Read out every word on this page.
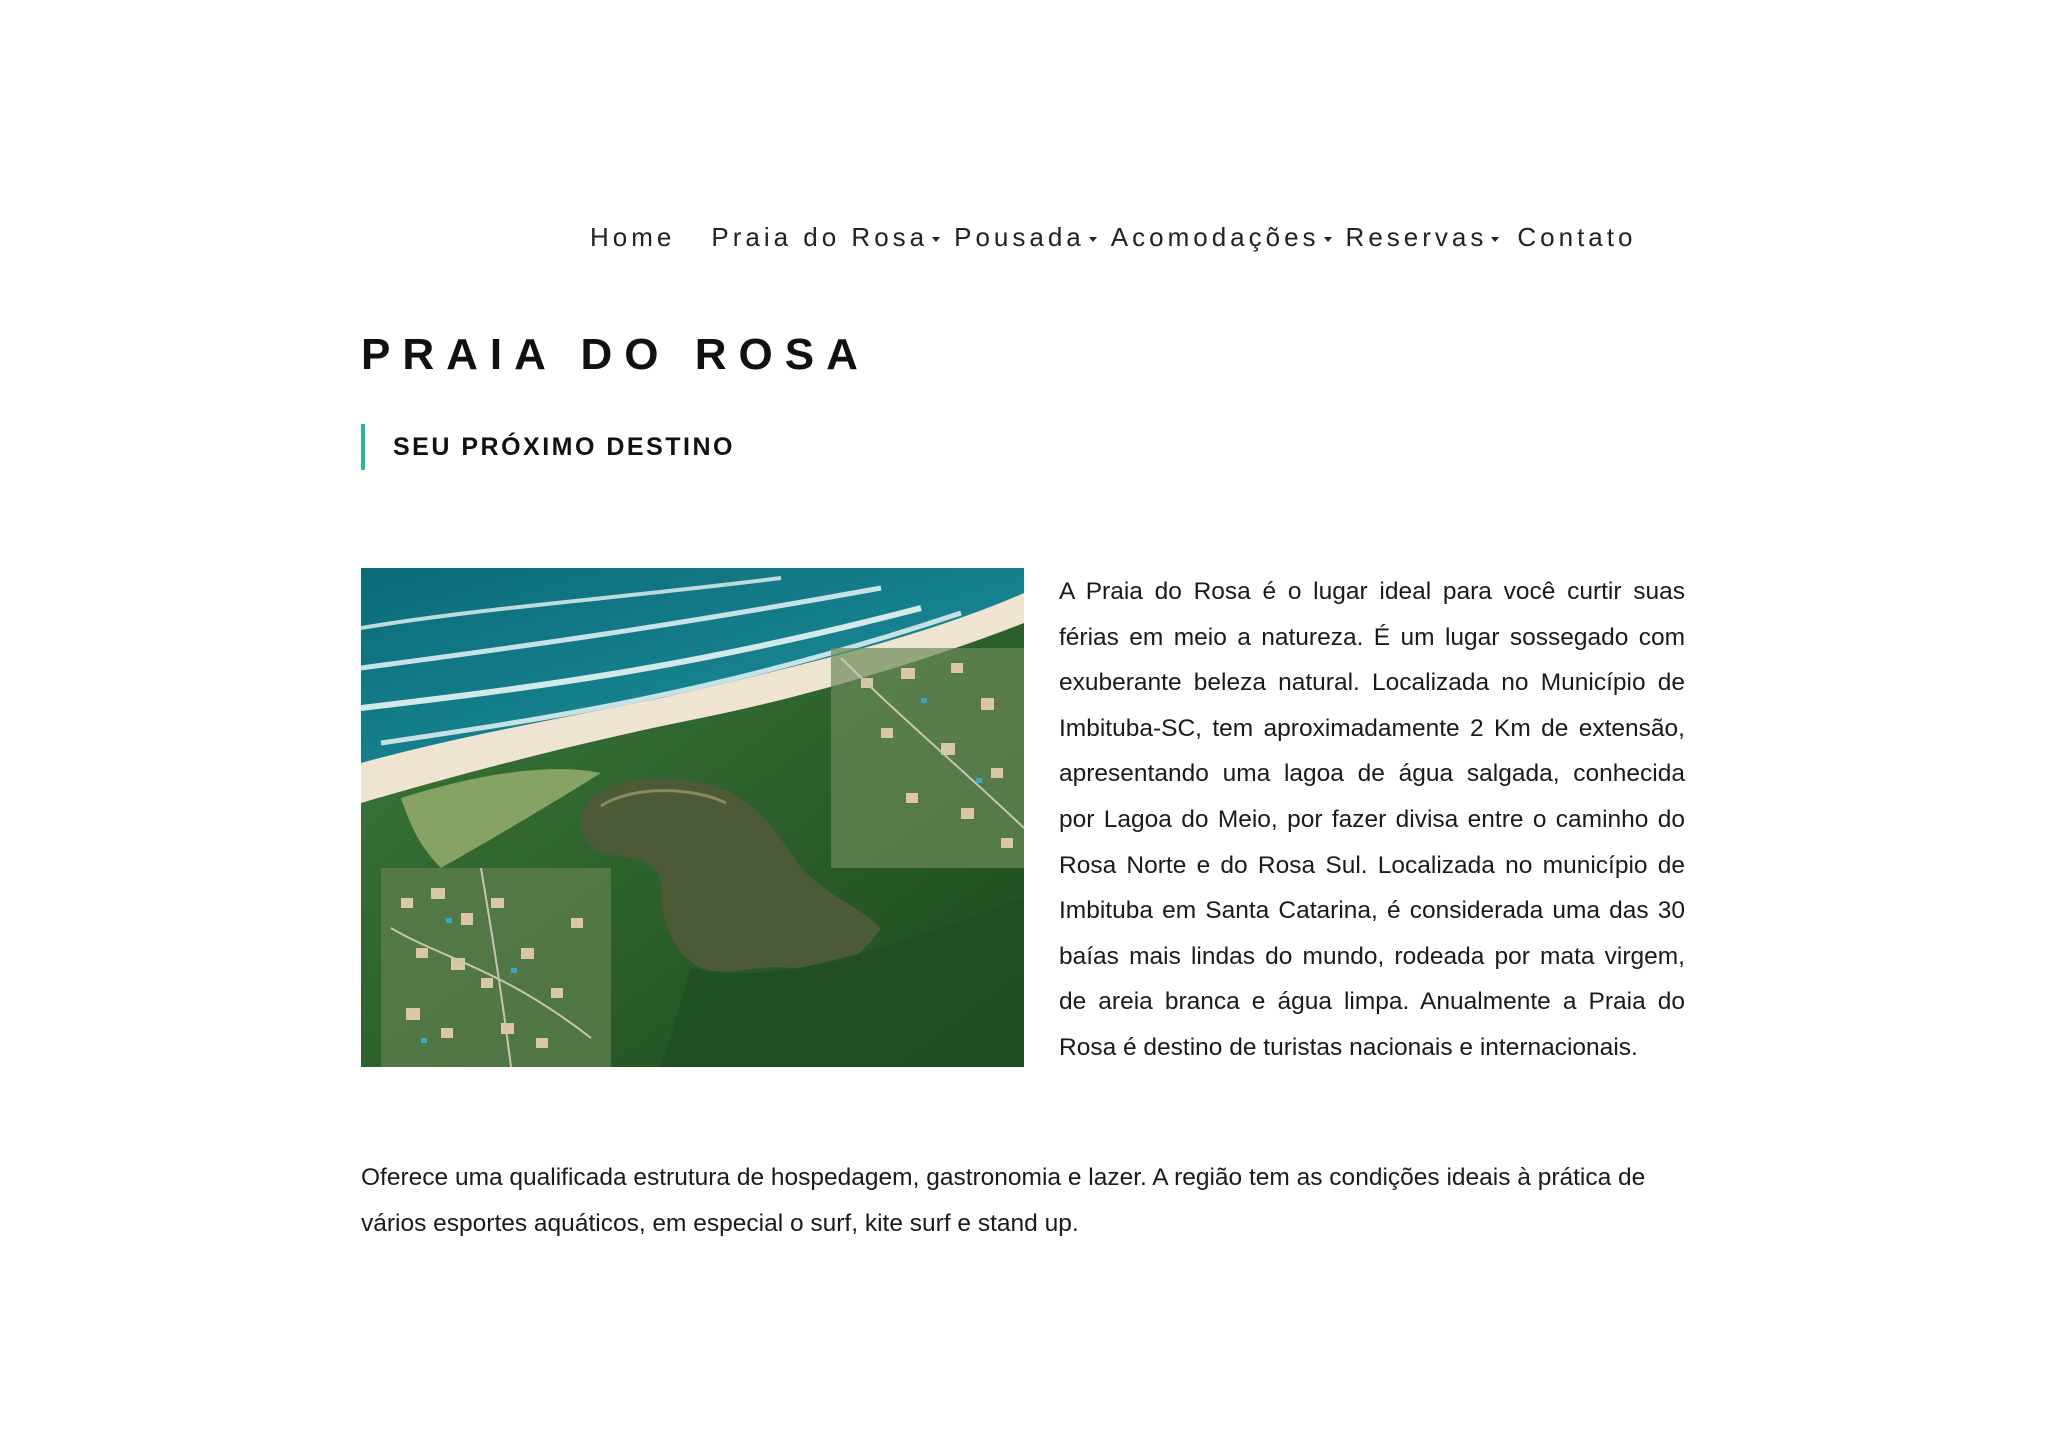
Home Praia do Rosa Pousada Acomodações Reservas Contato
PRAIA DO ROSA
SEU PRÓXIMO DESTINO

A Praia do Rosa é o lugar ideal para você curtir suas férias em meio a natureza. É um lugar sossegado com exuberante beleza natural. Localizada no Município de Imbituba-SC, tem aproximadamente 2 Km de extensão, apresentando uma lagoa de água salgada, conhecida por Lagoa do Meio, por fazer divisa entre o caminho do Rosa Norte e do Rosa Sul. Localizada no município de Imbituba em Santa Catarina, é considerada uma das 30 baías mais lindas do mundo, rodeada por mata virgem, de areia branca e água limpa. Anualmente a Praia do Rosa é destino de turistas nacionais e internacionais.

Oferece uma qualificada estrutura de hospedagem, gastronomia e lazer. A região tem as condições ideais à prática de vários esportes aquáticos, em especial o surf, kite surf e stand up.
